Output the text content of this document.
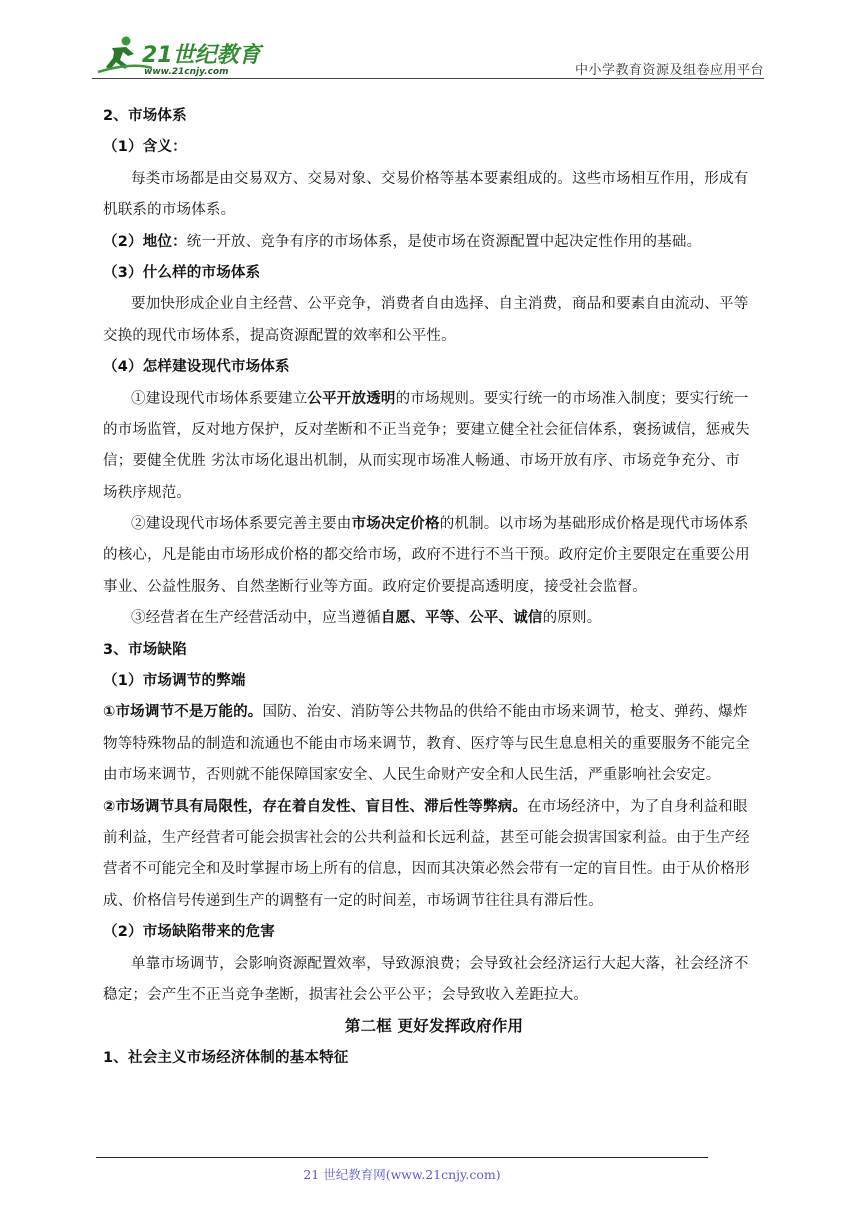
21世纪教育
www.21cnjy.com	中小学教育资源及组卷应用平台
2、市场体系
（1）含义：
每类市场都是由交易双方、交易对象、交易价格等基本要素组成的。这些市场相互作用，形成有
机联系的市场体系。
（2）地位：统一开放、竞争有序的市场体系，是使市场在资源配置中起决定性作用的基础。
（3）什么样的市场体系
要加快形成企业自主经营、公平竞争，消费者自由选择、自主消费，商品和要素自由流动、平等
交换的现代市场体系，提高资源配置的效率和公平性。
（4）怎样建设现代市场体系
①建设现代市场体系要建立公平开放透明的市场规则。要实行统一的市场准入制度；要实行统一
的市场监管，反对地方保护，反对垄断和不正当竞争；要建立健全社会征信体系，褒扬诚信，惩戒失
信；要健全优胜 劣汰市场化退出机制，从而实现市场准人畅通、市场开放有序、市场竞争充分、市
场秩序规范。
②建设现代市场体系要完善主要由市场决定价格的机制。以市场为基础形成价格是现代市场体系
的核心，凡是能由市场形成价格的都交给市场，政府不进行不当干预。政府定价主要限定在重要公用
事业、公益性服务、自然垄断行业等方面。政府定价要提高透明度，接受社会监督。
③经营者在生产经营活动中，应当遵循自愿、平等、公平、诚信的原则。
3、市场缺陷
（1）市场调节的弊端
①市场调节不是万能的。国防、治安、消防等公共物品的供给不能由市场来调节，枪支、弹药、爆炸
物等特殊物品的制造和流通也不能由市场来调节，教育、医疗等与民生息息相关的重要服务不能完全
由市场来调节，否则就不能保障国家安全、人民生命财产安全和人民生活，严重影响社会安定。
②市场调节具有局限性，存在着自发性、盲目性、滞后性等弊病。在市场经济中，为了自身利益和眼
前利益，生产经营者可能会损害社会的公共利益和长远利益，甚至可能会损害国家利益。由于生产经
营者不可能完全和及时掌握市场上所有的信息，因而其决策必然会带有一定的盲目性。由于从价格形
成、价格信号传递到生产的调整有一定的时间差，市场调节往往具有滞后性。
（2）市场缺陷带来的危害
单靠市场调节，会影响资源配置效率，导致源浪费；会导致社会经济运行大起大落，社会经济不
稳定；会产生不正当竞争垄断，损害社会公平公平；会导致收入差距拉大。
第二框 更好发挥政府作用
1、社会主义市场经济体制的基本特征
21 世纪教育网(www.21cnjy.com)
